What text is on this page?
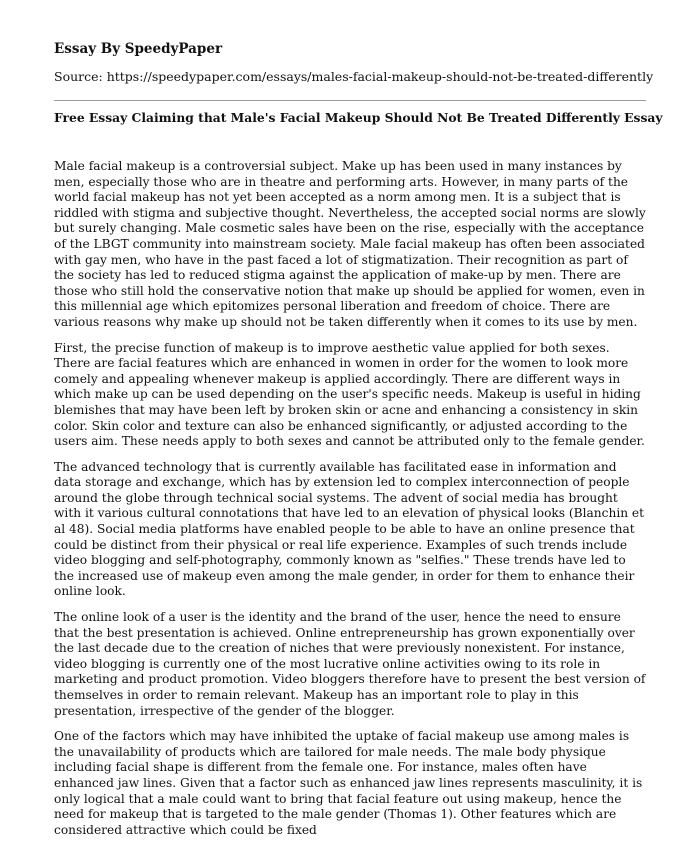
Essay By SpeedyPaper
Source: https://speedypaper.com/essays/males-facial-makeup-should-not-be-treated-differently
Free Essay Claiming that Male's Facial Makeup Should Not Be Treated Differently Essay

Male facial makeup is a controversial subject. Make up has been used in many instances by men, especially those who are in theatre and performing arts. However, in many parts of the world facial makeup has not yet been accepted as a norm among men. It is a subject that is riddled with stigma and subjective thought. Nevertheless, the accepted social norms are slowly but surely changing. Male cosmetic sales have been on the rise, especially with the acceptance of the LBGT community into mainstream society. Male facial makeup has often been associated with gay men, who have in the past faced a lot of stigmatization. Their recognition as part of the society has led to reduced stigma against the application of make-up by men. There are those who still hold the conservative notion that make up should be applied for women, even in this millennial age which epitomizes personal liberation and freedom of choice. There are various reasons why make up should not be taken differently when it comes to its use by men.

First, the precise function of makeup is to improve aesthetic value applied for both sexes. There are facial features which are enhanced in women in order for the women to look more comely and appealing whenever makeup is applied accordingly. There are different ways in which make up can be used depending on the user's specific needs. Makeup is useful in hiding blemishes that may have been left by broken skin or acne and enhancing a consistency in skin color. Skin color and texture can also be enhanced significantly, or adjusted according to the users aim. These needs apply to both sexes and cannot be attributed only to the female gender.

The advanced technology that is currently available has facilitated ease in information and data storage and exchange, which has by extension led to complex interconnection of people around the globe through technical social systems. The advent of social media has brought with it various cultural connotations that have led to an elevation of physical looks (Blanchin et al 48). Social media platforms have enabled people to be able to have an online presence that could be distinct from their physical or real life experience. Examples of such trends include video blogging and self-photography, commonly known as "selfies." These trends have led to the increased use of makeup even among the male gender, in order for them to enhance their online look.

The online look of a user is the identity and the brand of the user, hence the need to ensure that the best presentation is achieved. Online entrepreneurship has grown exponentially over the last decade due to the creation of niches that were previously nonexistent. For instance, video blogging is currently one of the most lucrative online activities owing to its role in marketing and product promotion. Video bloggers therefore have to present the best version of themselves in order to remain relevant. Makeup has an important role to play in this presentation, irrespective of the gender of the blogger.

One of the factors which may have inhibited the uptake of facial makeup use among males is the unavailability of products which are tailored for male needs. The male body physique including facial shape is different from the female one. For instance, males often have enhanced jaw lines. Given that a factor such as enhanced jaw lines represents masculinity, it is only logical that a male could want to bring that facial feature out using makeup, hence the need for makeup that is targeted to the male gender (Thomas 1). Other features which are considered attractive which could be fixed
